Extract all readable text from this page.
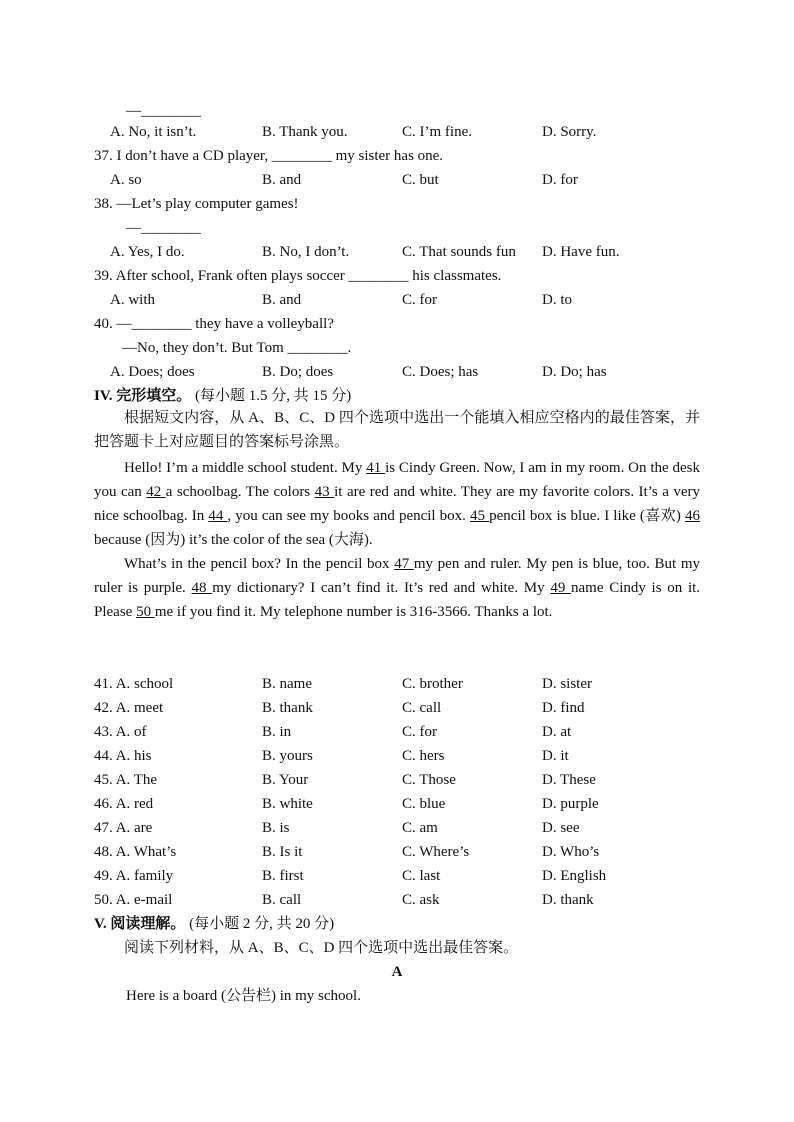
—________
A. No, it isn’t.	B. Thank you.	C. I’m fine.	D. Sorry.
37. I don’t have a CD player, ________ my sister has one.
A. so	B. and	C. but	D. for
38. —Let’s play computer games!
—________
A. Yes, I do.	B. No, I don’t.	C. That sounds fun D. Have fun.
39. After school, Frank often plays soccer ________ his classmates.
A. with	B. and	C. for	D. to
40. —________ they have a volleyball?
—No, they don’t. But Tom ________.
A. Does; does	B. Do; does	C. Does; has	D. Do; has
IV. 完形填空。 (每小题 1.5 分, 共 15 分)

根据短文内容，从 A、B、C、D 四个选项中选出一个能填入相应空格内的最佳答案，并把答题卡上对应题目的答案标号涂黑。

Hello! I’m a middle school student. My 41 is Cindy Green. Now, I am in my room. On the desk you can 42 a schoolbag. The colors 43 it are red and white. They are my favorite colors. It’s a very nice schoolbag. In 44 , you can see my books and pencil box. 45 pencil box is blue. I like (喜欢) 46 because (因为) it’s the color of the sea (大海).

What’s in the pencil box? In the pencil box 47 my pen and ruler. My pen is blue, too. But my ruler is purple. 48 my dictionary? I can’t find it. It’s red and white. My 49 name Cindy is on it. Please 50 me if you find it. My telephone number is 316-3566. Thanks a lot.

41. A. school	B. name	C. brother	D. sister
42. A. meet	B. thank	C. call	D. find
43. A. of	B. in	C. for	D. at
44. A. his	B. yours	C. hers	D. it
45. A. The	B. Your	C. Those	D. These
46. A. red	B. white	C. blue	D. purple
47. A. are	B. is	C. am	D. see
48. A. What’s	B. Is it	C. Where’s	D. Who’s
49. A. family	B. first	C. last	D. English
50. A. e-mail	B. call	C. ask	D. thank
V. 阅读理解。 (每小题 2 分, 共 20 分)
阅读下列材料，从 A、B、C、D 四个选项中选出最佳答案。
A
Here is a board (公告栏) in my school.
